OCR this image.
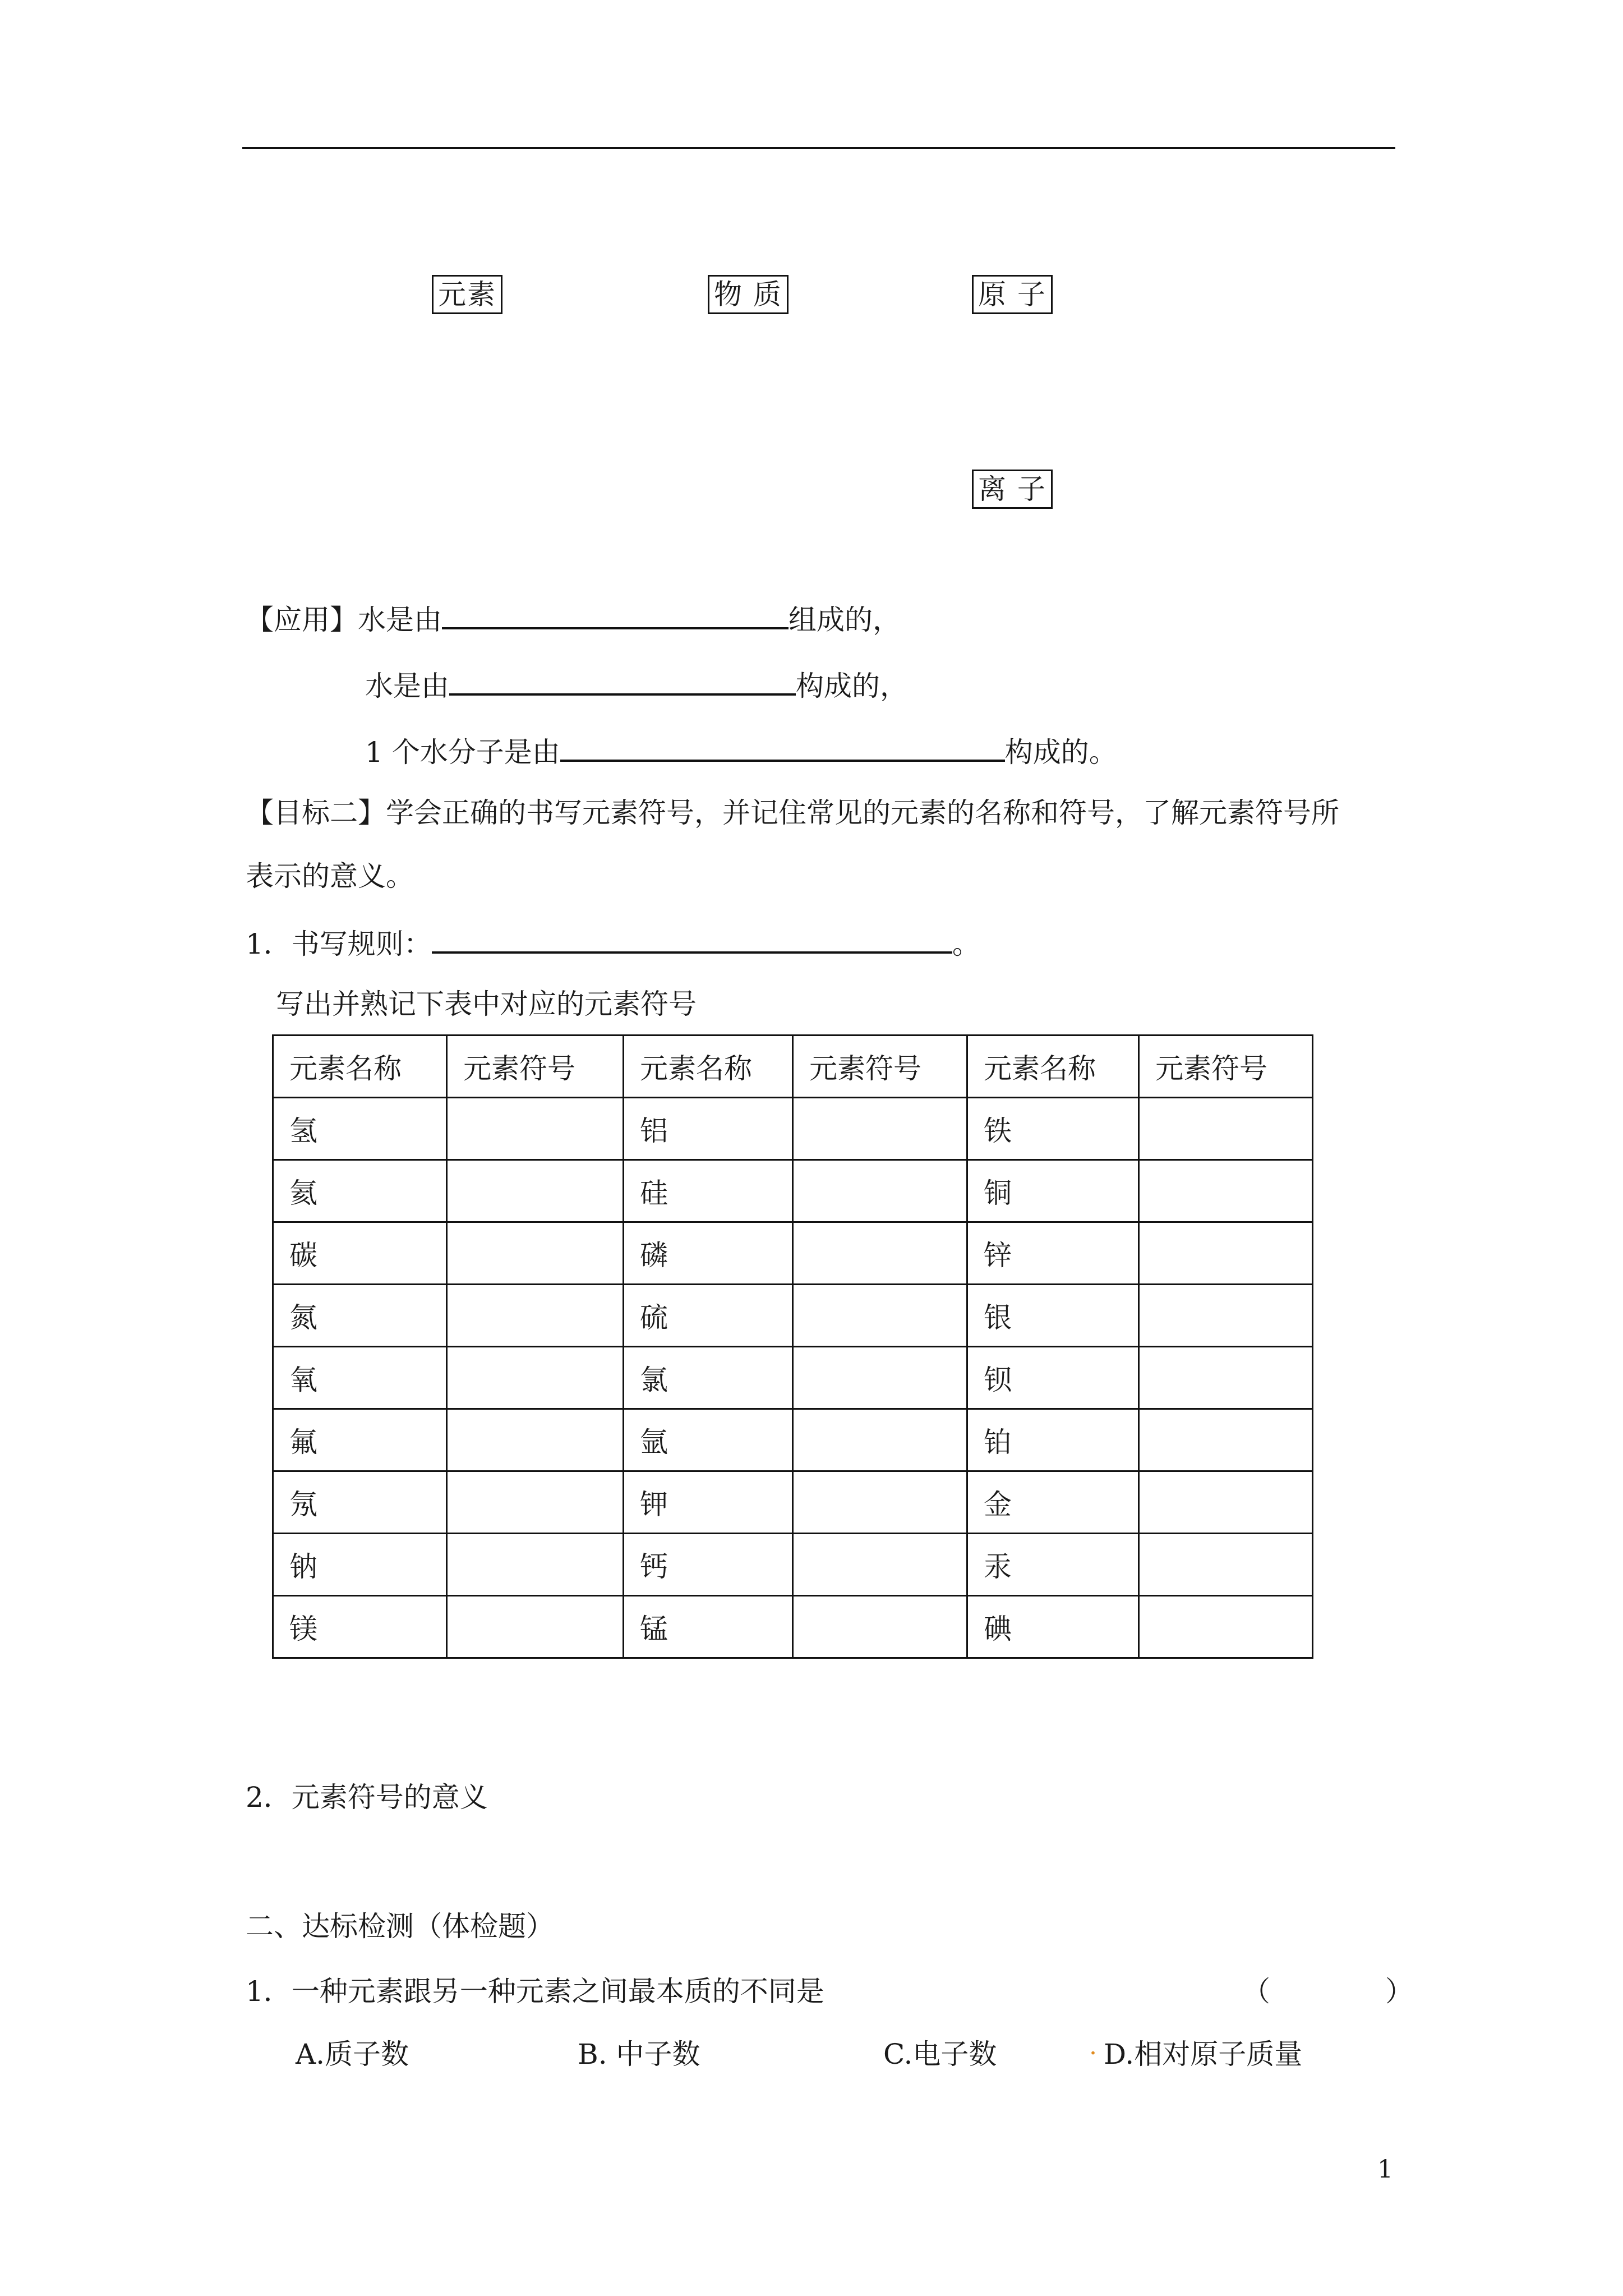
元素	物 质	原 子
离 子
【应用】水是由	组成的，
水是由	构成的，
1 个水分子是由	构成的。
【目标二】学会正确的书写元素符号，并记住常见的元素的名称和符号，了解元素符号所
表示的意义。
1．书写规则：	。
写出并熟记下表中对应的元素符号
元素名称	元素符号	元素名称	元素符号	元素名称	元素符号
氢		铝		铁	
氦		硅		铜	
碳		磷		锌	
氮		硫		银	
氧		氯		钡	
氟		氩		铂	
氖		钾		金	
钠		钙		汞	
镁		锰		碘	
2．元素符号的意义
二、达标检测（体检题）
1．一种元素跟另一种元素之间最本质的不同是	（	）
A.质子数	B. 中子数	C.电子数	. D.相对原子质量
1
